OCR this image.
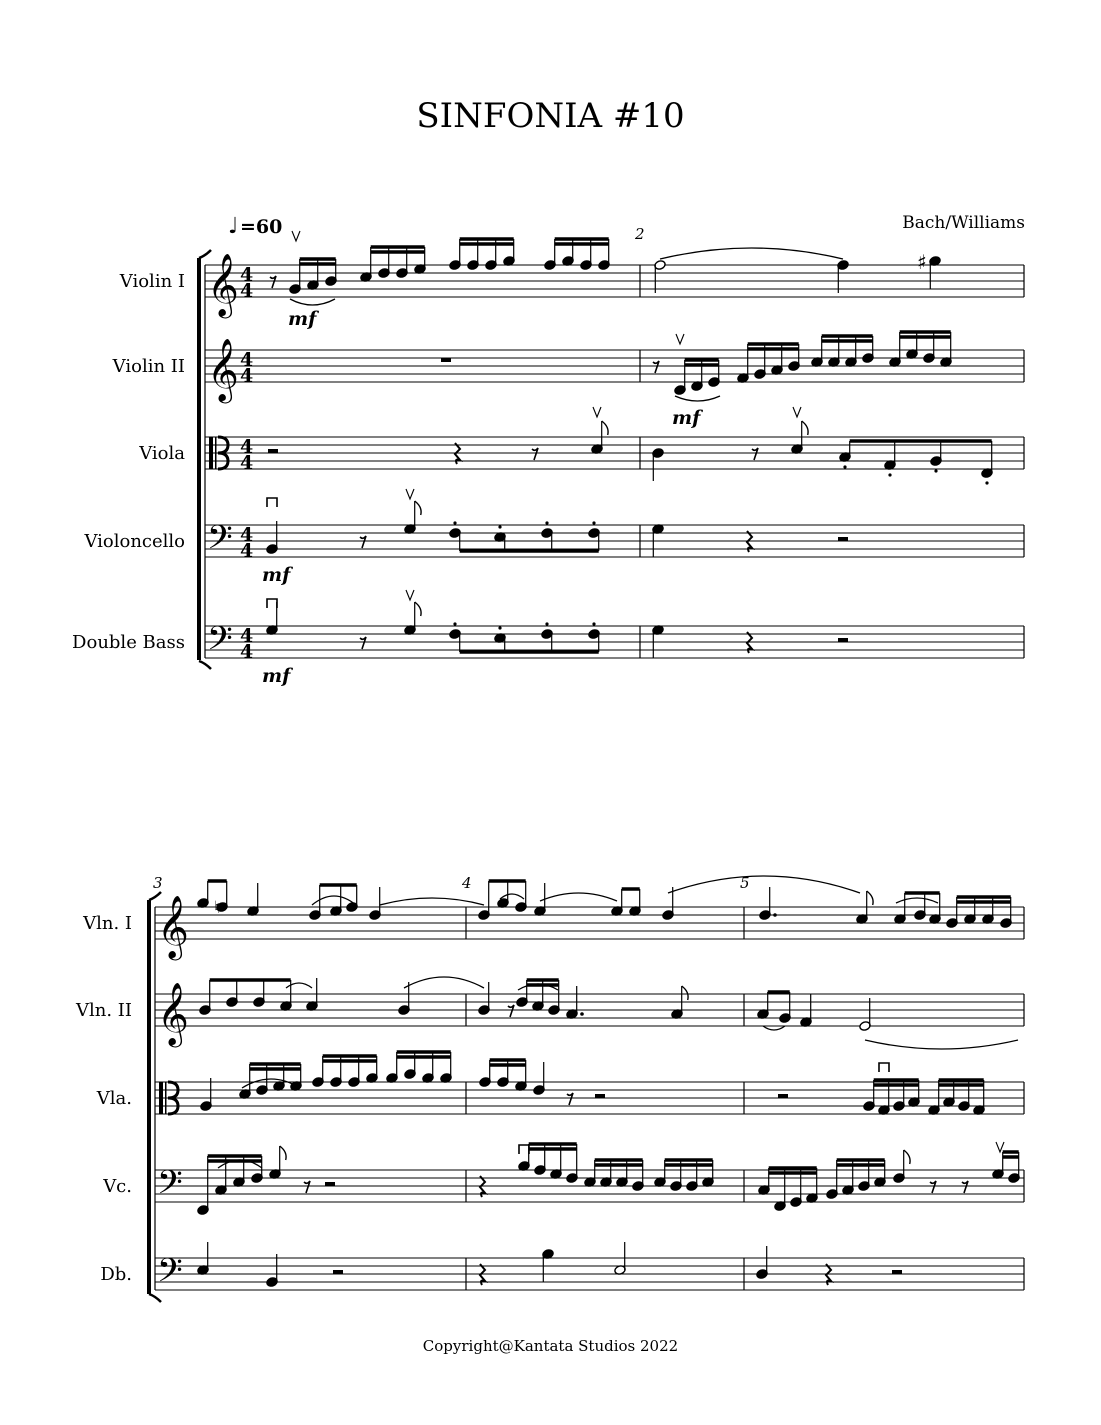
SINFONIA #10
Bach/Williams
♩ =60
𝄞 4
4
Violin I
𝄞 4
4
Violin II
4
4
Viola
𝄢 4
4
Violoncello
𝄢 4
4
Double Bass
2
mf
♯
mf
mf
mf
𝄞
Vln. I
𝄞
Vln. II
Vla.
𝄢
Vc.
𝄢
Db.
3	4	5
♮
Copyright@Kantata Studios 2022
